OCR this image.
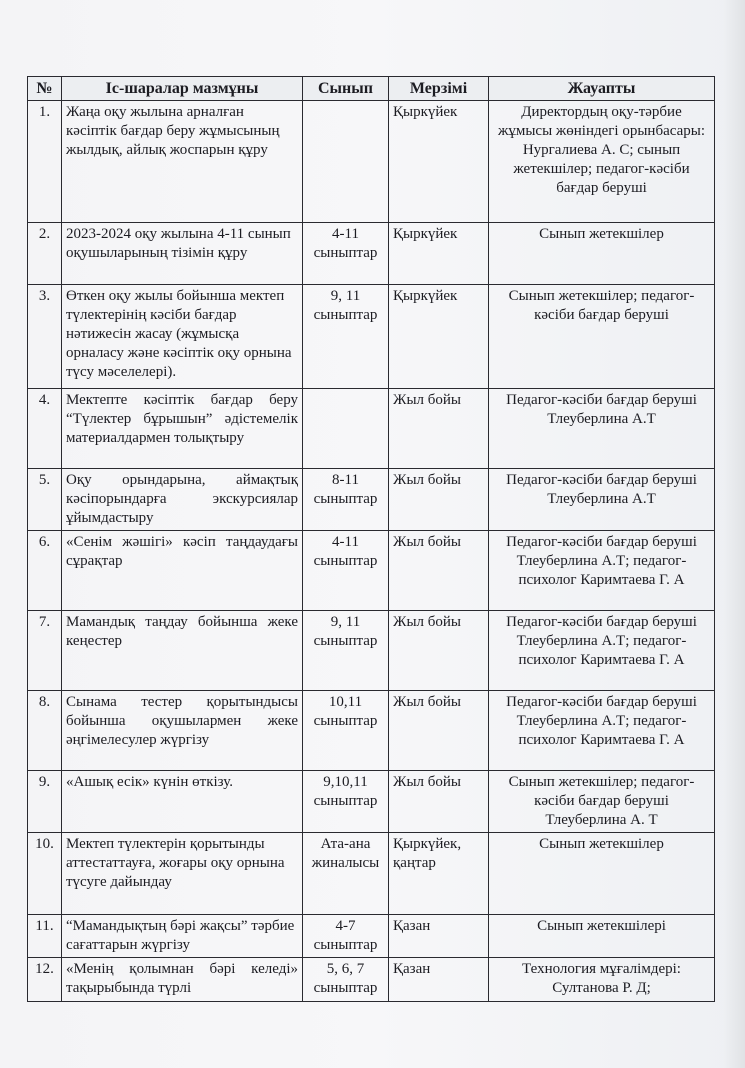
№	Іс-шаралар мазмұны	Сынып	Мерзімі	Жауапты
1.	Жаңа оқу жылына арналған кәсіптік бағдар беру жұмысының жылдық, айлық жоспарын құру		Қыркүйек	Директордың оқу-тәрбие жұмысы жөніндегі орынбасары: Нургалиева А. С; сынып жетекшілер; педагог-кәсіби бағдар беруші
2.	2023-2024 оқу жылына 4-11 сынып оқушыларының тізімін құру	4-11 сыныптар	Қыркүйек	Сынып жетекшілер
3.	Өткен оқу жылы бойынша мектеп түлектерінің кәсіби бағдар нәтижесін жасау (жұмысқа орналасу және кәсіптік оқу орнына түсу мәселелері).	9, 11 сыныптар	Қыркүйек	Сынып жетекшілер; педагог-кәсіби бағдар беруші
4.	Мектепте кәсіптік бағдар беру “Түлектер бұрышын” әдістемелік материалдармен толықтыру		Жыл бойы	Педагог-кәсіби бағдар беруші Тлеуберлина А.Т
5.	Оқу орындарына, аймақтық кәсіпорындарға экскурсиялар ұйымдастыру	8-11 сыныптар	Жыл бойы	Педагог-кәсіби бағдар беруші Тлеуберлина А.Т
6.	«Сенім жәшігі» кәсіп таңдаудағы сұрақтар	4-11 сыныптар	Жыл бойы	Педагог-кәсіби бағдар беруші Тлеуберлина А.Т; педагог-психолог Каримтаева Г. А
7.	Мамандық таңдау бойынша жеке кеңестер	9, 11 сыныптар	Жыл бойы	Педагог-кәсіби бағдар беруші Тлеуберлина А.Т; педагог-психолог Каримтаева Г. А
8.	Сынама тестер қорытындысы бойынша оқушылармен жеке әңгімелесулер жүргізу	10,11 сыныптар	Жыл бойы	Педагог-кәсіби бағдар беруші Тлеуберлина А.Т; педагог-психолог Каримтаева Г. А
9.	«Ашық есік» күнін өткізу.	9,10,11 сыныптар	Жыл бойы	Сынып жетекшілер; педагог-кәсіби бағдар беруші Тлеуберлина А. Т
10.	Мектеп түлектерін қорытынды аттестаттауға, жоғары оқу орнына түсуге дайындау	Ата-ана жиналысы	Қыркүйек, қаңтар	Сынып жетекшілер
11.	“Мамандықтың бәрі жақсы” тәрбие сағаттарын жүргізу	4-7 сыныптар	Қазан	Сынып жетекшілері
12.	«Менің қолымнан бәрі келеді» тақырыбында түрлі	5, 6, 7 сыныптар	Қазан	Технология мұғалімдері: Султанова Р. Д;
